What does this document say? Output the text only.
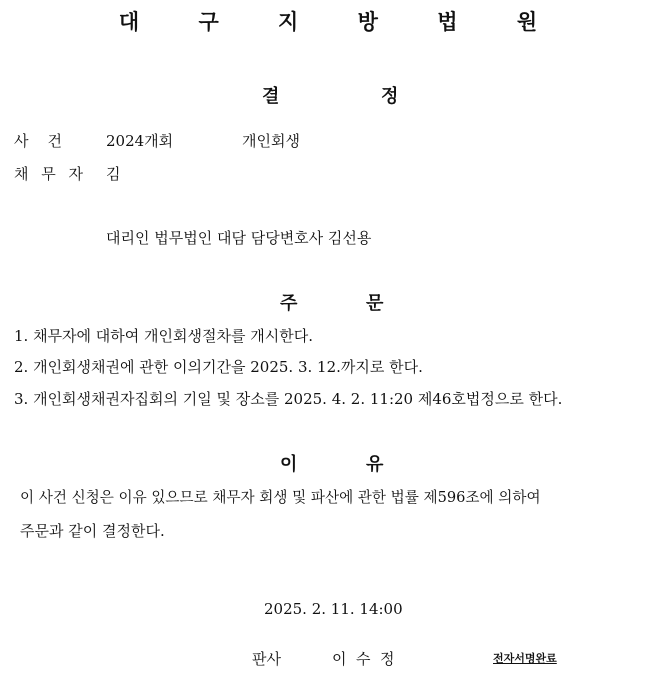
대 구 지 방 법 원
결	정
사    건	2024개회	개인회생
채 무 자 김
대리인 법무법인 대담 담당변호사 김선용
주	문
1. 채무자에 대하여 개인회생절차를 개시한다.
2. 개인회생채권에 관한 이의기간을 2025. 3. 12.까지로 한다.
3. 개인회생채권자집회의 기일 및 장소를 2025. 4. 2. 11:20 제46호법정으로 한다.
이	유
이 사건 신청은 이유 있으므로 채무자 회생 및 파산에 관한 법률 제596조에 의하여
주문과 같이 결정한다.
2025. 2. 11. 14:00
판사	이  수  정	전자서명완료
